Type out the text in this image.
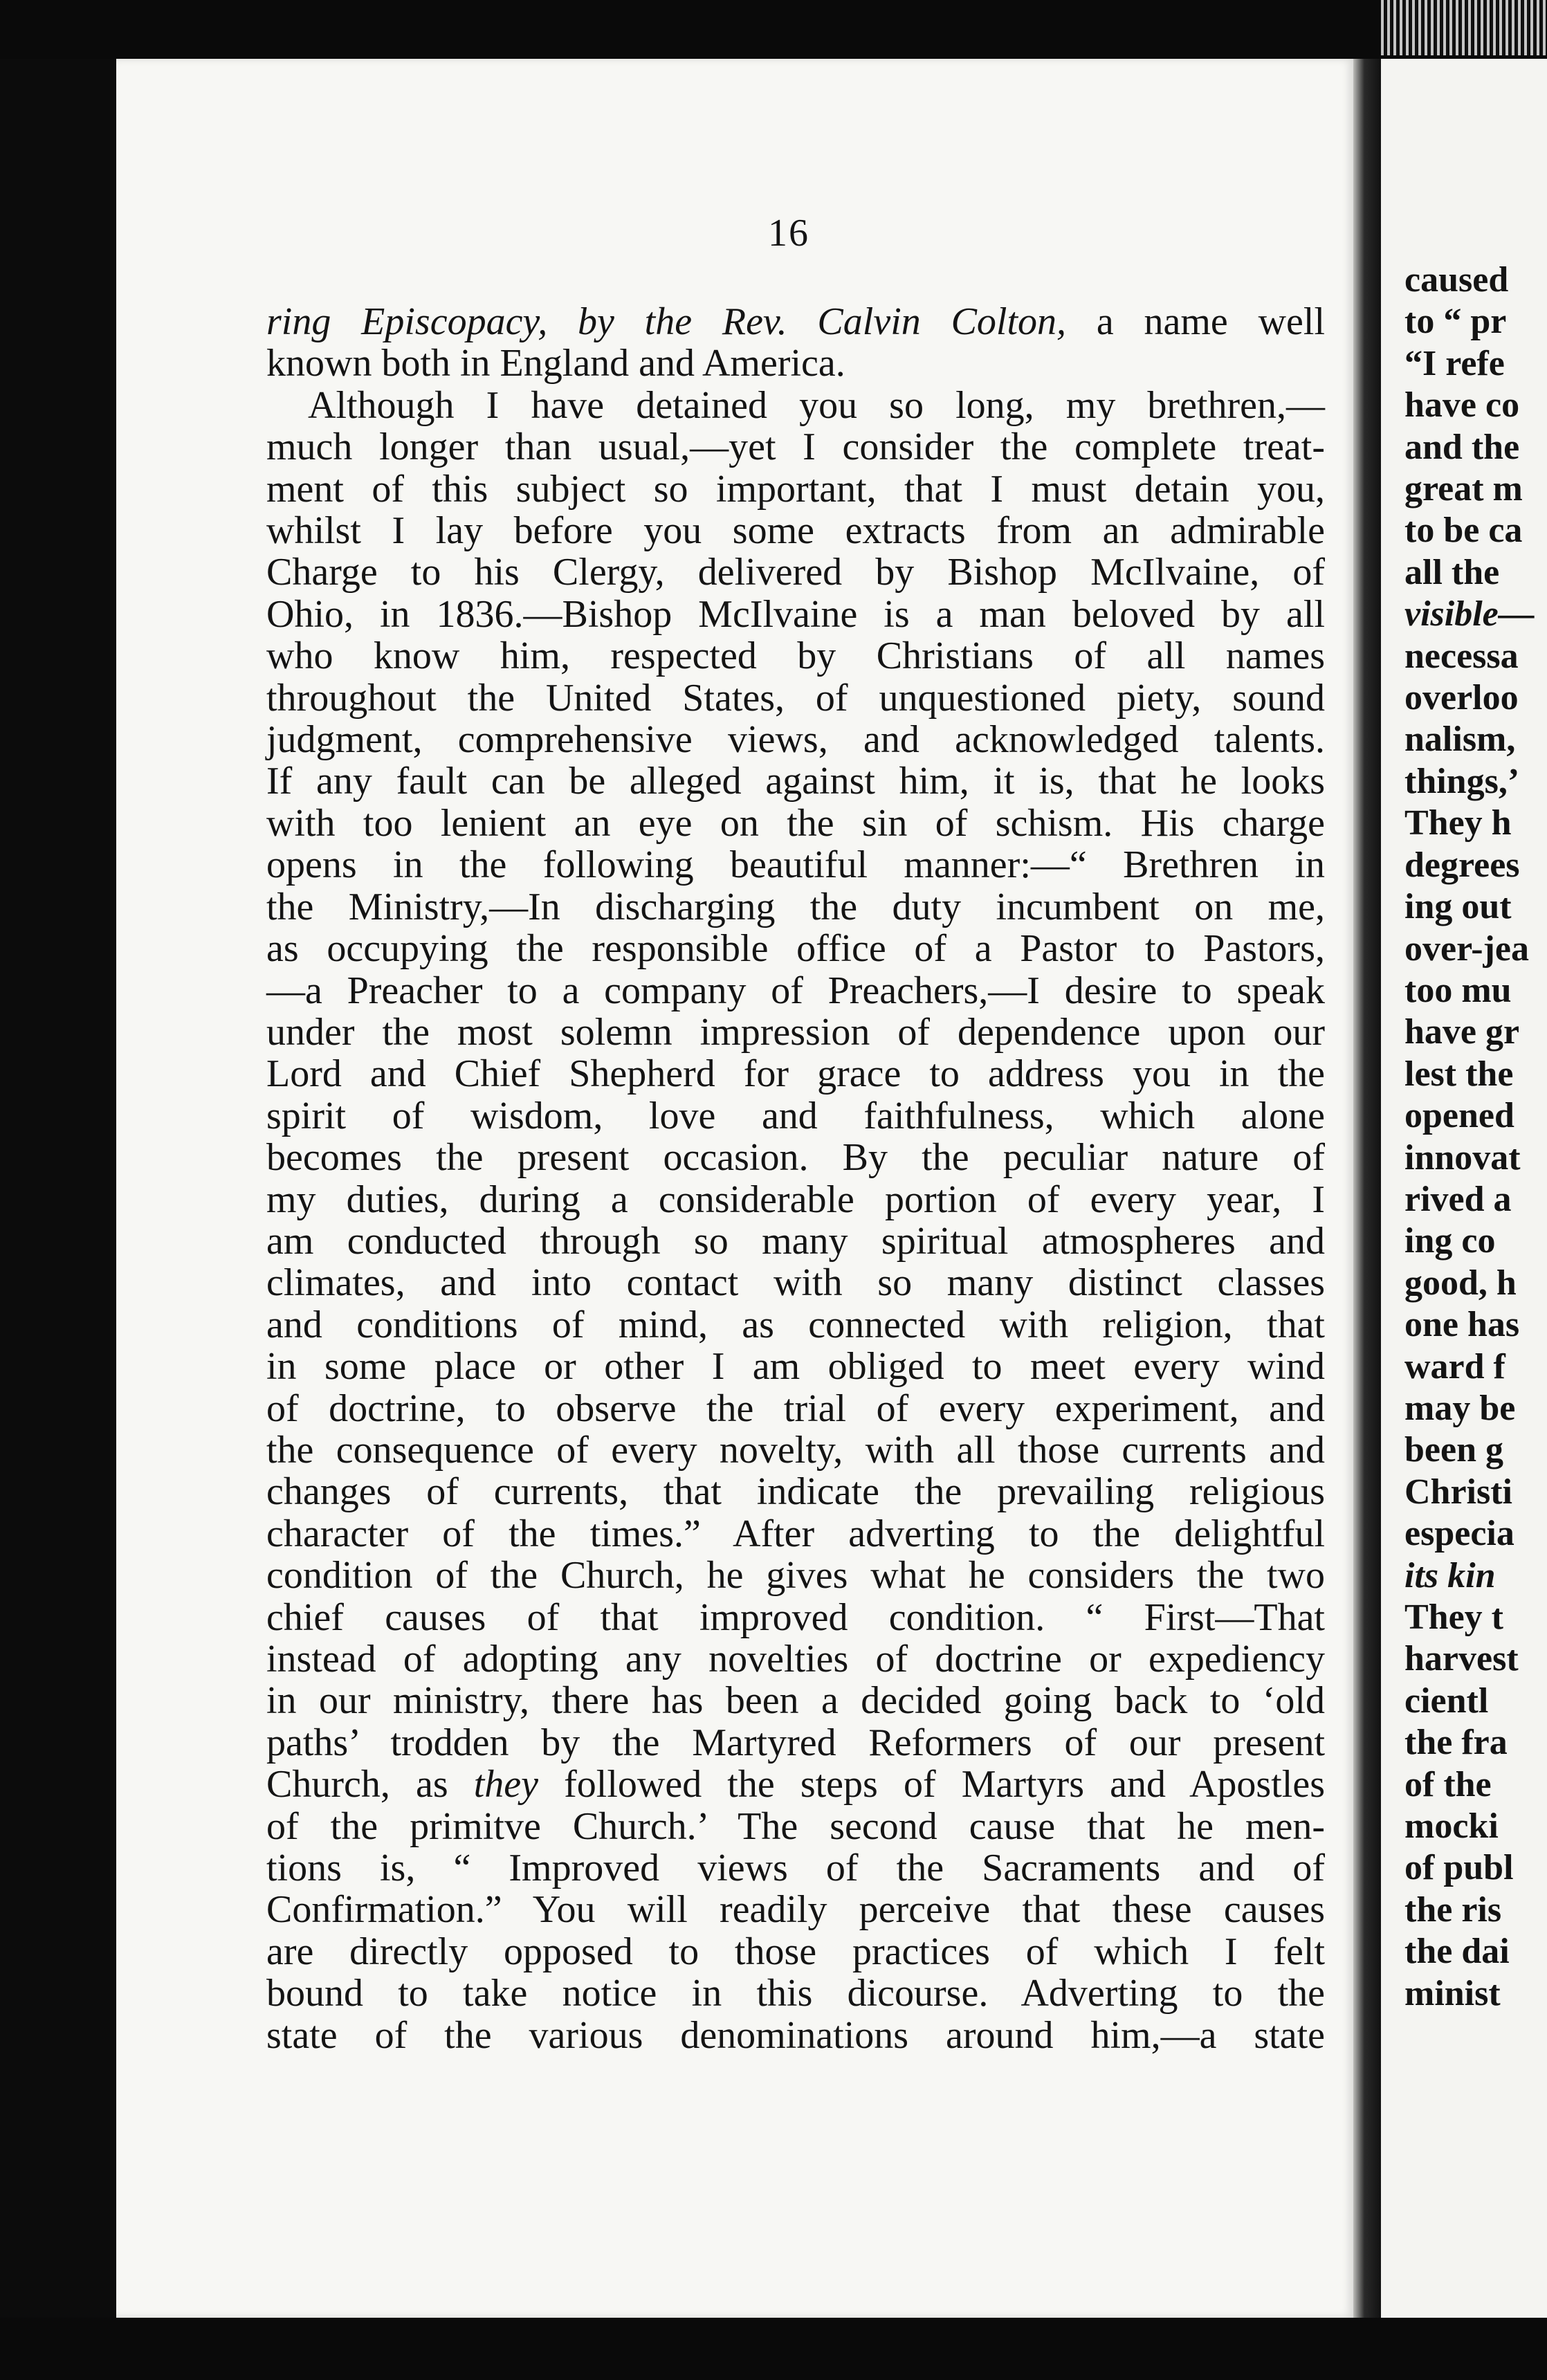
16
ring Episcopacy, by the Rev. Calvin Colton, a name well
known both in England and America.
Although I have detained you so long, my brethren,—
much longer than usual,—yet I consider the complete treat-
ment of this subject so important, that I must detain you,
whilst I lay before you some extracts from an admirable
Charge to his Clergy, delivered by Bishop McIlvaine, of
Ohio, in 1836.—Bishop McIlvaine is a man beloved by all
who know him, respected by Christians of all names
throughout the United States, of unquestioned piety, sound
judgment, comprehensive views, and acknowledged talents.
If any fault can be alleged against him, it is, that he looks
with too lenient an eye on the sin of schism. His charge
opens in the following beautiful manner:—“ Brethren in
the Ministry,—In discharging the duty incumbent on me,
as occupying the responsible office of a Pastor to Pastors,
—a Preacher to a company of Preachers,—I desire to speak
under the most solemn impression of dependence upon our
Lord and Chief Shepherd for grace to address you in the
spirit of wisdom, love and faithfulness, which alone
becomes the present occasion. By the peculiar nature of
my duties, during a considerable portion of every year, I
am conducted through so many spiritual atmospheres and
climates, and into contact with so many distinct classes
and conditions of mind, as connected with religion, that
in some place or other I am obliged to meet every wind
of doctrine, to observe the trial of every experiment, and
the consequence of every novelty, with all those currents and
changes of currents, that indicate the prevailing religious
character of the times.” After adverting to the delightful
condition of the Church, he gives what he considers the two
chief causes of that improved condition. “ First—That
instead of adopting any novelties of doctrine or expediency
in our ministry, there has been a decided going back to ‘old
paths’ trodden by the Martyred Reformers of our present
Church, as they followed the steps of Martyrs and Apostles
of the primitve Church.’ The second cause that he men-
tions is, “ Improved views of the Sacraments and of
Confirmation.” You will readily perceive that these causes
are directly opposed to those practices of which I felt
bound to take notice in this dicourse. Adverting to the
state of the various denominations around him,—a state
caused
to “ pr
“I refe
have co
and the
great m
to be ca
all the
visible—
necessa
overloo
nalism,
things,’
They h
degrees
ing out
over-jea
too mu
have gr
lest the
opened
innovat
rived a
ing co
good, h
one has
ward f
may be
been g
Christi
especia
its kin
They t
harvest
cientl
the fra
of the
mocki
of publ
the ris
the dai
minist
